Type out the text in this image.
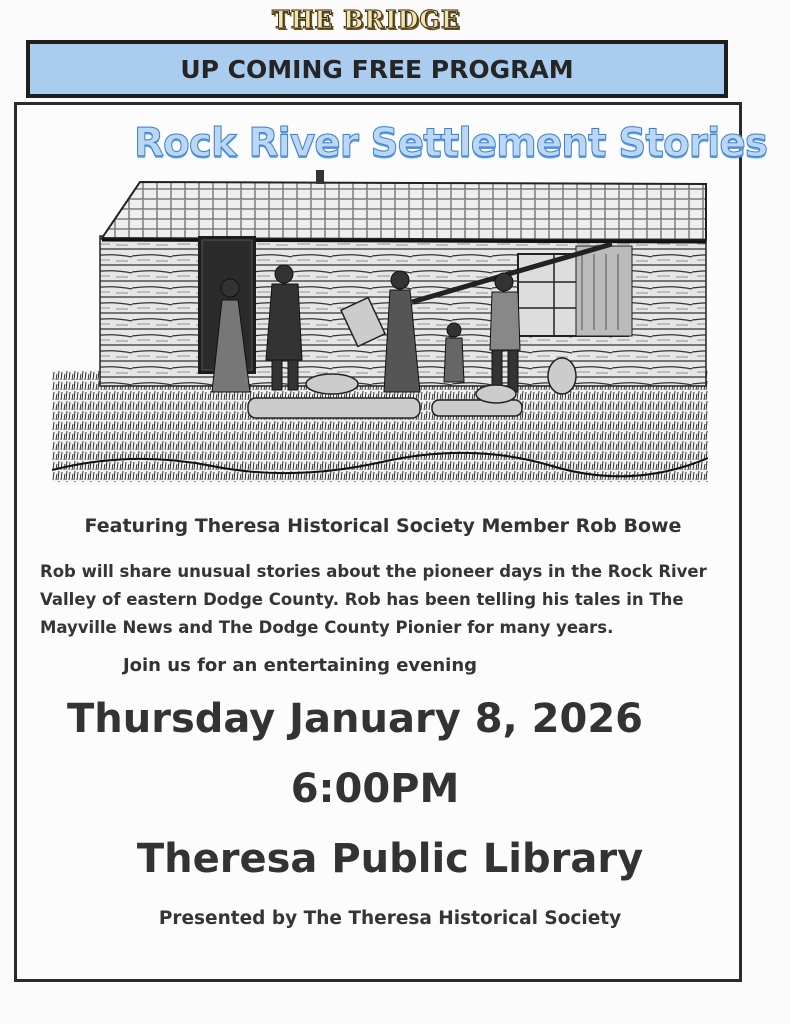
THE BRIDGE
UP COMING FREE PROGRAM
Rock River Settlement Stories
Featuring Theresa Historical Society Member Rob Bowe

Rob will share unusual stories about the pioneer days in the Rock River Valley of eastern Dodge County. Rob has been telling his tales in The Mayville News and The Dodge County Pionier for many years.

Join us for an entertaining evening
Thursday January 8, 2026
6:00PM
Theresa Public Library
Presented by The Theresa Historical Society
